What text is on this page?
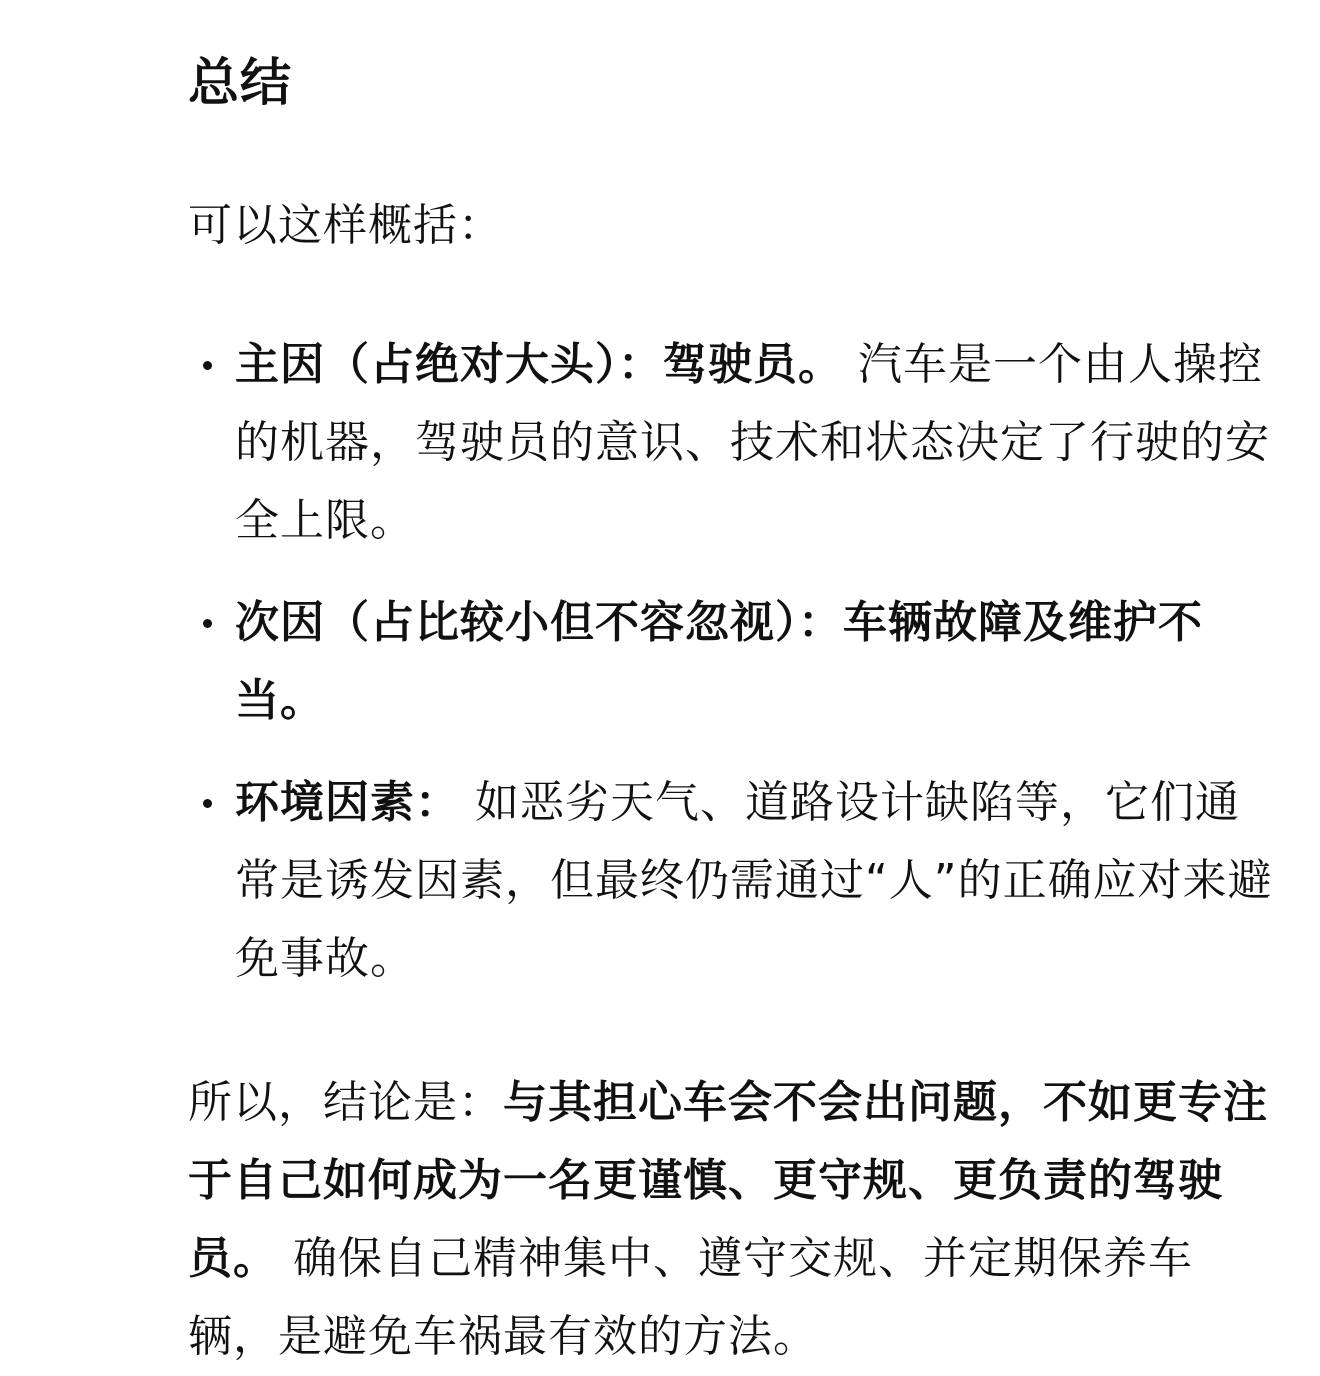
总结

可以这样概括：

主因（占绝对大头）：驾驶员。 汽车是一个由人操控的机器，驾驶员的意识、技术和状态决定了行驶的安全上限。
次因（占比较小但不容忽视）：车辆故障及维护不当。
环境因素： 如恶劣天气、道路设计缺陷等，它们通常是诱发因素，但最终仍需通过“人”的正确应对来避免事故。

所以，结论是：与其担心车会不会出问题，不如更专注于自己如何成为一名更谨慎、更守规、更负责的驾驶员。 确保自己精神集中、遵守交规、并定期保养车辆，是避免车祸最有效的方法。
